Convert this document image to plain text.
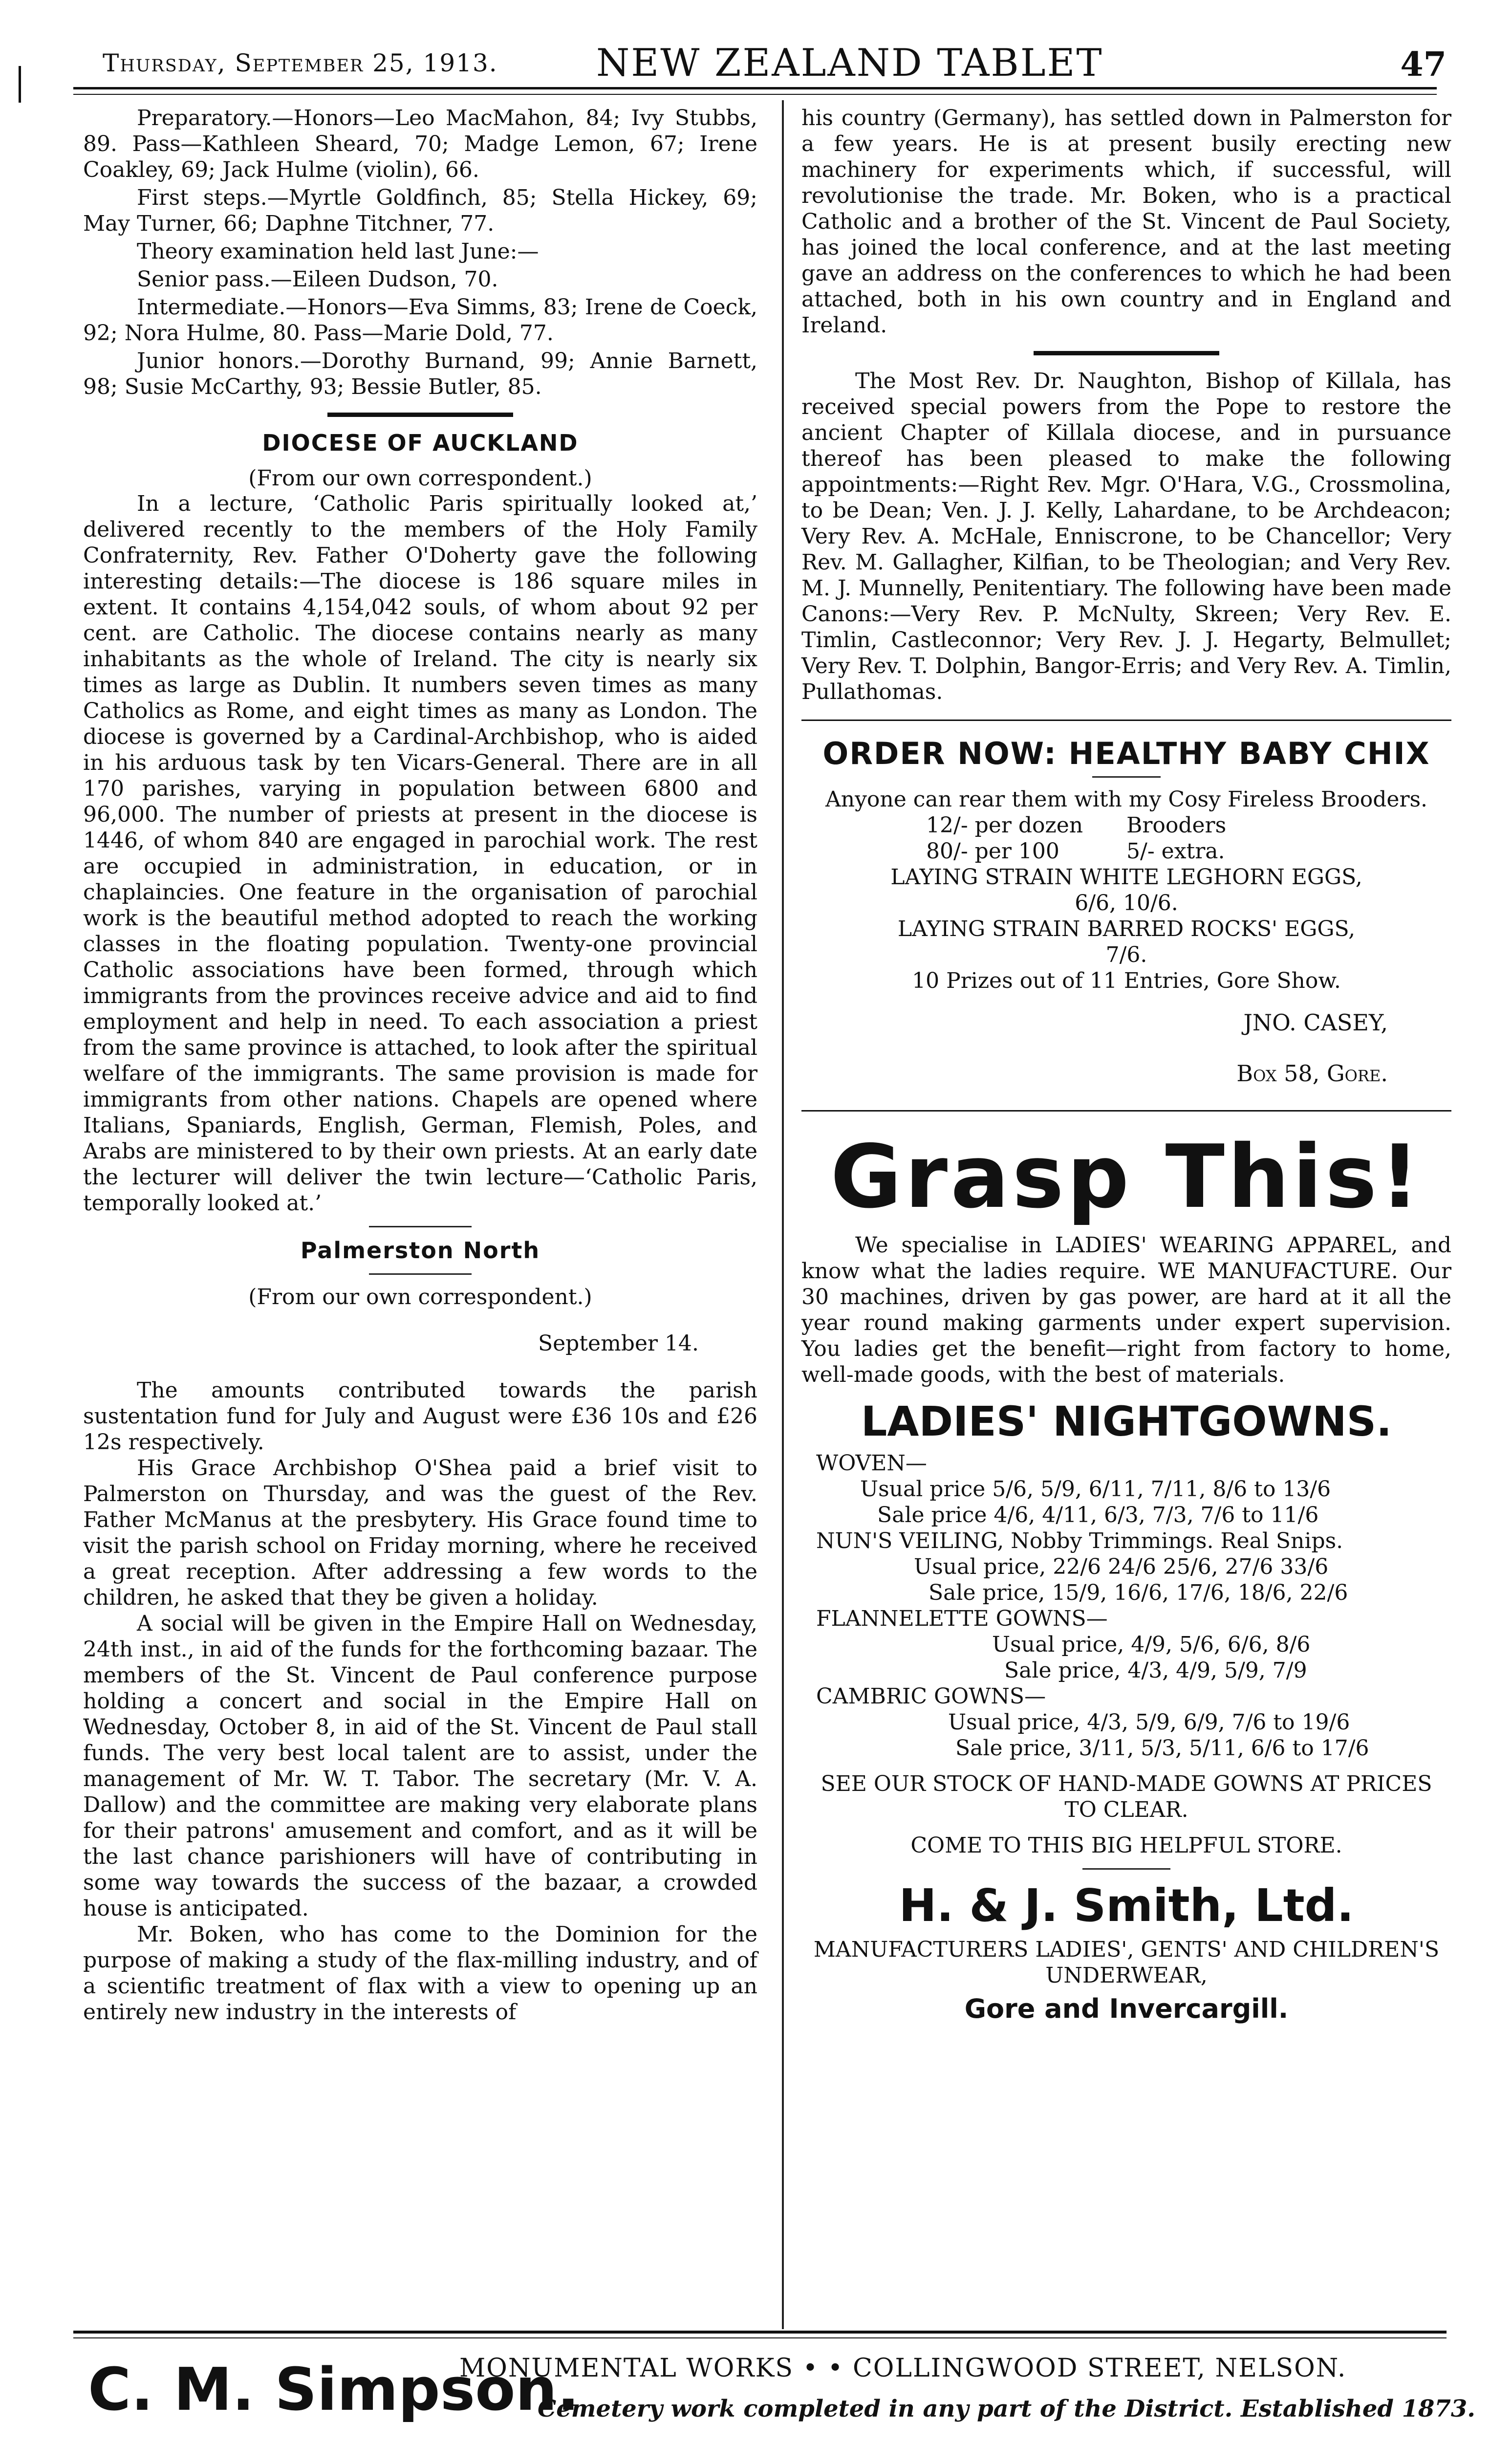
Thursday, September 25, 1913.	NEW ZEALAND TABLET	47

Preparatory.—Honors—Leo MacMahon, 84; Ivy Stubbs, 89. Pass—Kathleen Sheard, 70; Madge Lemon, 67; Irene Coakley, 69; Jack Hulme (violin), 66.

First steps.—Myrtle Goldfinch, 85; Stella Hickey, 69; May Turner, 66; Daphne Titchner, 77.

Theory examination held last June:—

Senior pass.—Eileen Dudson, 70.

Intermediate.—Honors—Eva Simms, 83; Irene de Coeck, 92; Nora Hulme, 80. Pass—Marie Dold, 77.

Junior honors.—Dorothy Burnand, 99; Annie Barnett, 98; Susie McCarthy, 93; Bessie Butler, 85.

DIOCESE OF AUCKLAND

(From our own correspondent.)

In a lecture, ‘Catholic Paris spiritually looked at,’ delivered recently to the members of the Holy Family Confraternity, Rev. Father O'Doherty gave the following interesting details:—The diocese is 186 square miles in extent. It contains 4,154,042 souls, of whom about 92 per cent. are Catholic. The diocese contains nearly as many inhabitants as the whole of Ireland. The city is nearly six times as large as Dublin. It numbers seven times as many Catholics as Rome, and eight times as many as London. The diocese is governed by a Cardinal-Archbishop, who is aided in his arduous task by ten Vicars-General. There are in all 170 parishes, varying in population between 6800 and 96,000. The number of priests at present in the diocese is 1446, of whom 840 are engaged in parochial work. The rest are occupied in administration, in education, or in chaplaincies. One feature in the organisation of parochial work is the beautiful method adopted to reach the working classes in the floating population. Twenty-one provincial Catholic associations have been formed, through which immigrants from the provinces receive advice and aid to find employment and help in need. To each association a priest from the same province is attached, to look after the spiritual welfare of the immigrants. The same provision is made for immigrants from other nations. Chapels are opened where Italians, Spaniards, English, German, Flemish, Poles, and Arabs are ministered to by their own priests. At an early date the lecturer will deliver the twin lecture—‘Catholic Paris, temporally looked at.’

Palmerston North

(From our own correspondent.)

September 14.

The amounts contributed towards the parish sustentation fund for July and August were £36 10s and £26 12s respectively.

His Grace Archbishop O'Shea paid a brief visit to Palmerston on Thursday, and was the guest of the Rev. Father McManus at the presbytery. His Grace found time to visit the parish school on Friday morning, where he received a great reception. After addressing a few words to the children, he asked that they be given a holiday.

A social will be given in the Empire Hall on Wednesday, 24th inst., in aid of the funds for the forthcoming bazaar. The members of the St. Vincent de Paul conference purpose holding a concert and social in the Empire Hall on Wednesday, October 8, in aid of the St. Vincent de Paul stall funds. The very best local talent are to assist, under the management of Mr. W. T. Tabor. The secretary (Mr. V. A. Dallow) and the committee are making very elaborate plans for their patrons' amusement and comfort, and as it will be the last chance parishioners will have of contributing in some way towards the success of the bazaar, a crowded house is anticipated.

Mr. Boken, who has come to the Dominion for the purpose of making a study of the flax-milling industry, and of a scientific treatment of flax with a view to opening up an entirely new industry in the interests of

his country (Germany), has settled down in Palmerston for a few years. He is at present busily erecting new machinery for experiments which, if successful, will revolutionise the trade. Mr. Boken, who is a practical Catholic and a brother of the St. Vincent de Paul Society, has joined the local conference, and at the last meeting gave an address on the conferences to which he had been attached, both in his own country and in England and Ireland.

The Most Rev. Dr. Naughton, Bishop of Killala, has received special powers from the Pope to restore the ancient Chapter of Killala diocese, and in pursuance thereof has been pleased to make the following appointments:—Right Rev. Mgr. O'Hara, V.G., Crossmolina, to be Dean; Ven. J. J. Kelly, Lahardane, to be Archdeacon; Very Rev. A. McHale, Enniscrone, to be Chancellor; Very Rev. M. Gallagher, Kilfian, to be Theologian; and Very Rev. M. J. Munnelly, Penitentiary. The following have been made Canons:—Very Rev. P. McNulty, Skreen; Very Rev. E. Timlin, Castleconnor; Very Rev. J. J. Hegarty, Belmullet; Very Rev. T. Dolphin, Bangor-Erris; and Very Rev. A. Timlin, Pullathomas.

ORDER NOW: HEALTHY BABY CHIX

Anyone can rear them with my Cosy Fireless Brooders.

12/- per dozen	Brooders
80/- per 100	5/- extra.

LAYING STRAIN WHITE LEGHORN EGGS,

6/6, 10/6.

LAYING STRAIN BARRED ROCKS' EGGS,

7/6.

10 Prizes out of 11 Entries, Gore Show.

JNO. CASEY,

Box 58, Gore.

Grasp This!

We specialise in LADIES' WEARING APPAREL, and know what the ladies require. WE MANUFACTURE. Our 30 machines, driven by gas power, are hard at it all the year round making garments under expert supervision. You ladies get the benefit—right from factory to home, well-made goods, with the best of materials.

LADIES' NIGHTGOWNS.

WOVEN—

Usual price 5/6, 5/9, 6/11, 7/11, 8/6 to 13/6

Sale price 4/6, 4/11, 6/3, 7/3, 7/6 to 11/6

NUN'S VEILING, Nobby Trimmings. Real Snips.

Usual price, 22/6 24/6 25/6, 27/6 33/6

Sale price, 15/9, 16/6, 17/6, 18/6, 22/6

FLANNELETTE GOWNS—

Usual price, 4/9, 5/6, 6/6, 8/6

Sale price, 4/3, 4/9, 5/9, 7/9

CAMBRIC GOWNS—

Usual price, 4/3, 5/9, 6/9, 7/6 to 19/6

Sale price, 3/11, 5/3, 5/11, 6/6 to 17/6

SEE OUR STOCK OF HAND-MADE GOWNS AT PRICES TO CLEAR.

COME TO THIS BIG HELPFUL STORE.

H. & J. Smith, Ltd.

MANUFACTURERS LADIES', GENTS' AND CHILDREN'S UNDERWEAR,

Gore and Invercargill.

C. M. Simpson.
MONUMENTAL WORKS • • COLLINGWOOD STREET, NELSON.
Cemetery work completed in any part of the District. Established 1873.
